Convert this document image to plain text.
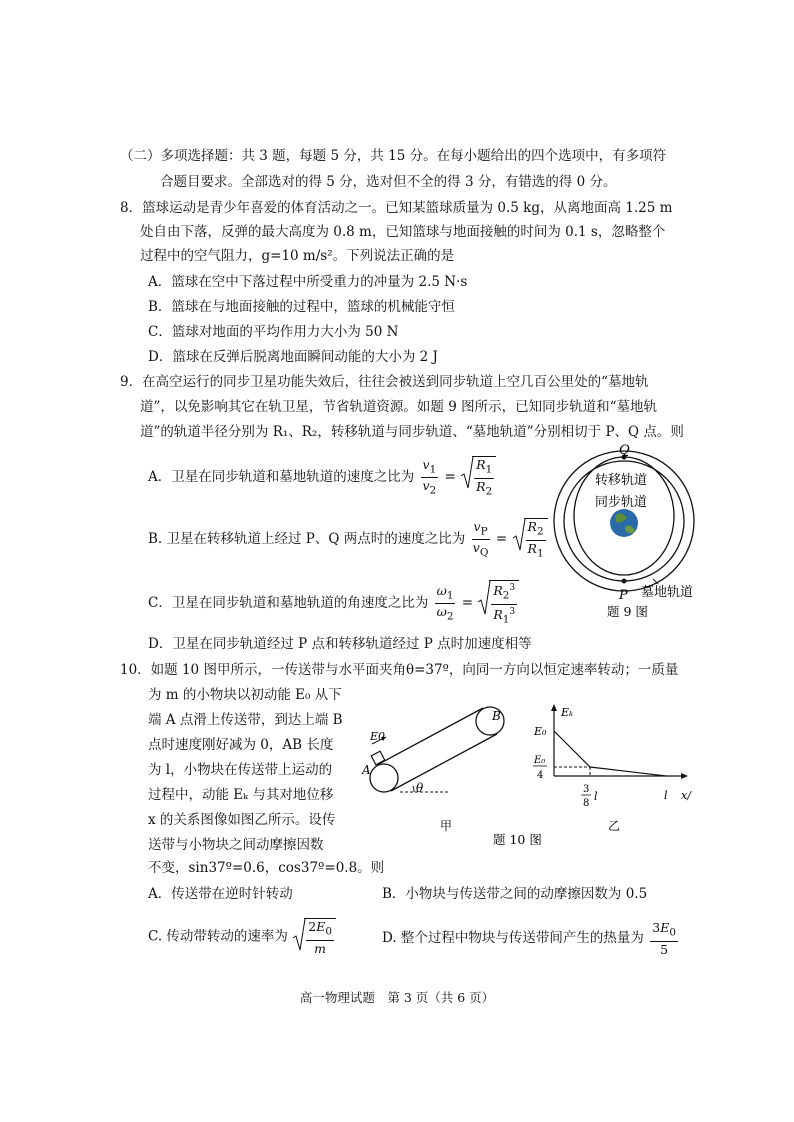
（二）多项选择题：共 3 题，每题 5 分，共 15 分。在每小题给出的四个选项中，有多项符
合题目要求。全部选对的得 5 分，选对但不全的得 3 分，有错选的得 0 分。
8．篮球运动是青少年喜爱的体育活动之一。已知某篮球质量为 0.5 kg，从离地面高 1.25 m
处自由下落，反弹的最大高度为 0.8 m，已知篮球与地面接触的时间为 0.1 s，忽略整个
过程中的空气阻力，g=10 m/s²。下列说法正确的是
A．篮球在空中下落过程中所受重力的冲量为 2.5 N·s
B．篮球在与地面接触的过程中，篮球的机械能守恒
C．篮球对地面的平均作用力大小为 50 N
D．篮球在反弹后脱离地面瞬间动能的大小为 2 J
9．在高空运行的同步卫星功能失效后，往往会被送到同步轨道上空几百公里处的“墓地轨
道”，以免影响其它在轨卫星，节省轨道资源。如题 9 图所示，已知同步轨道和“墓地轨
道”的轨道半径分别为 R₁、R₂，转移轨道与同步轨道、“墓地轨道”分别相切于 P、Q 点。则
A．卫星在同步轨道和墓地轨道的速度之比为 $\frac{v_1}{v_2} = \frac{R_1}{R_2}$
B. 卫星在转移轨道上经过 P、Q 两点时的速度之比为 $\frac{v_P}{v_Q} = \frac{R_2}{R_1}$
C．卫星在同步轨道和墓地轨道的角速度之比为 $\frac{\omega_1}{\omega_2} = \frac{R_2^3}{R_1^3}$
D．卫星在同步轨道经过 P 点和转移轨道经过 P 点时加速度相等
Q
P
转移轨道
同步轨道
墓地轨道
题 9 图
10．如题 10 图甲所示，一传送带与水平面夹角θ=37º，向同一方向以恒定速率转动；一质量
为 m 的小物块以初动能 E₀ 从下
端 A 点滑上传送带，到达上端 B
点时速度刚好减为 0，AB 长度
为 l，小物块在传送带上运动的
过程中，动能 Eₖ 与其对地位移
x 的关系图像如图乙所示。设传
送带与小物块之间动摩擦因数
不变，sin37º=0.6，cos37º=0.8。则
A．传送带在逆时针转动	B．小物块与传送带之间的动摩擦因数为 0.5
C. 传动带转动的速率为 $\frac{2E_0}{m}$	D. 整个过程中物块与传送带间产生的热量为 $\frac{3E_0}{5}$
E0
A
B
θ
甲
题 10 图
Eₖ
E₀
E₀
4
3
8
l	l x/
乙
高一物理试题　第 3 页（共 6 页）
